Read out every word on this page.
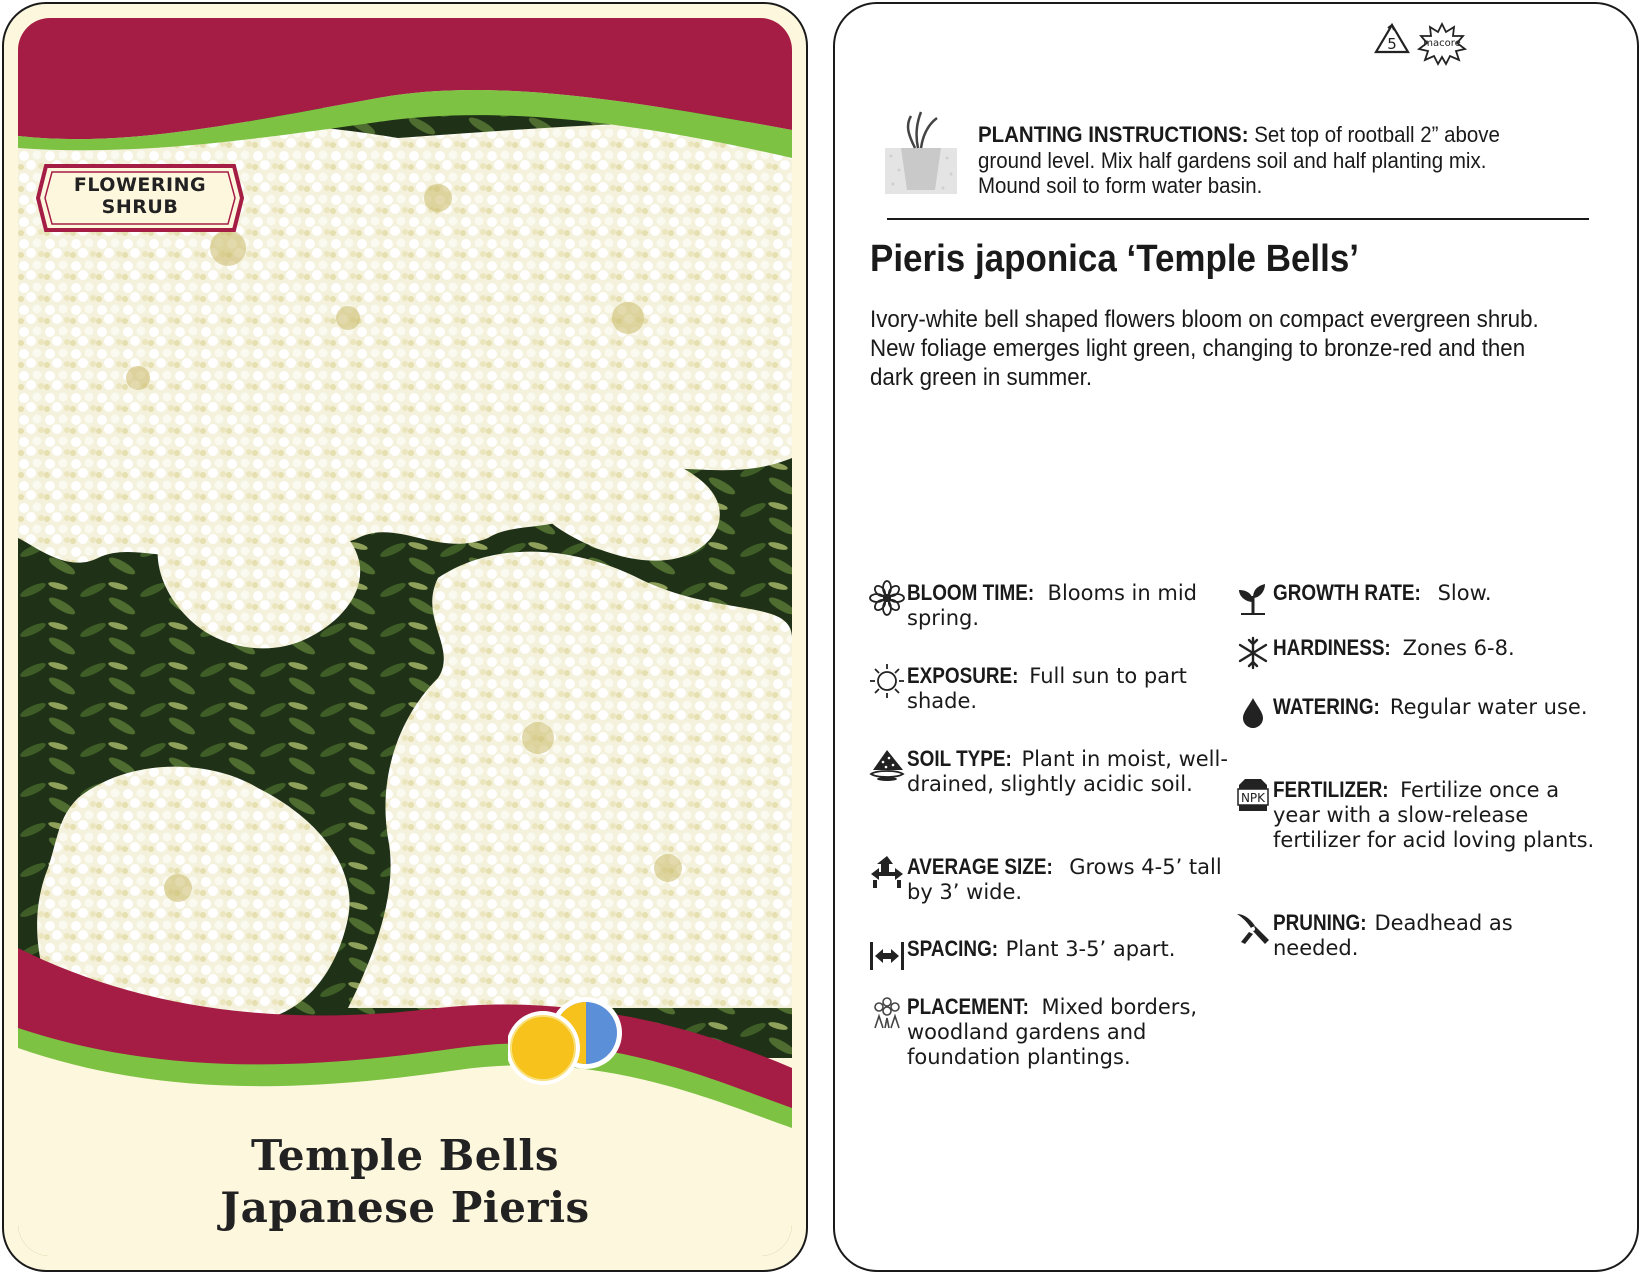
FLOWERING
SHRUB
Temple Bells
Japanese Pieris
5	macore
PLANTING INSTRUCTIONS: Set top of rootball 2” above ground level. Mix half gardens soil and half planting mix. Mound soil to form water basin.
Pieris japonica ‘Temple Bells’
Ivory-white bell shaped flowers bloom on compact evergreen shrub. New foliage emerges light green, changing to bronze-red and then dark green in summer.
BLOOM TIME: Blooms in mid spring.
EXPOSURE: Full sun to part shade.
SOIL TYPE: Plant in moist, well-drained, slightly acidic soil.
AVERAGE SIZE: Grows 4-5’ tall by 3’ wide.
SPACING: Plant 3-5’ apart.
PLACEMENT: Mixed borders, woodland gardens and foundation plantings.
GROWTH RATE: Slow.
HARDINESS: Zones 6-8.
WATERING: Regular water use.
NPK FERTILIZER: Fertilize once a year with a slow-release fertilizer for acid loving plants.
PRUNING: Deadhead as needed.
